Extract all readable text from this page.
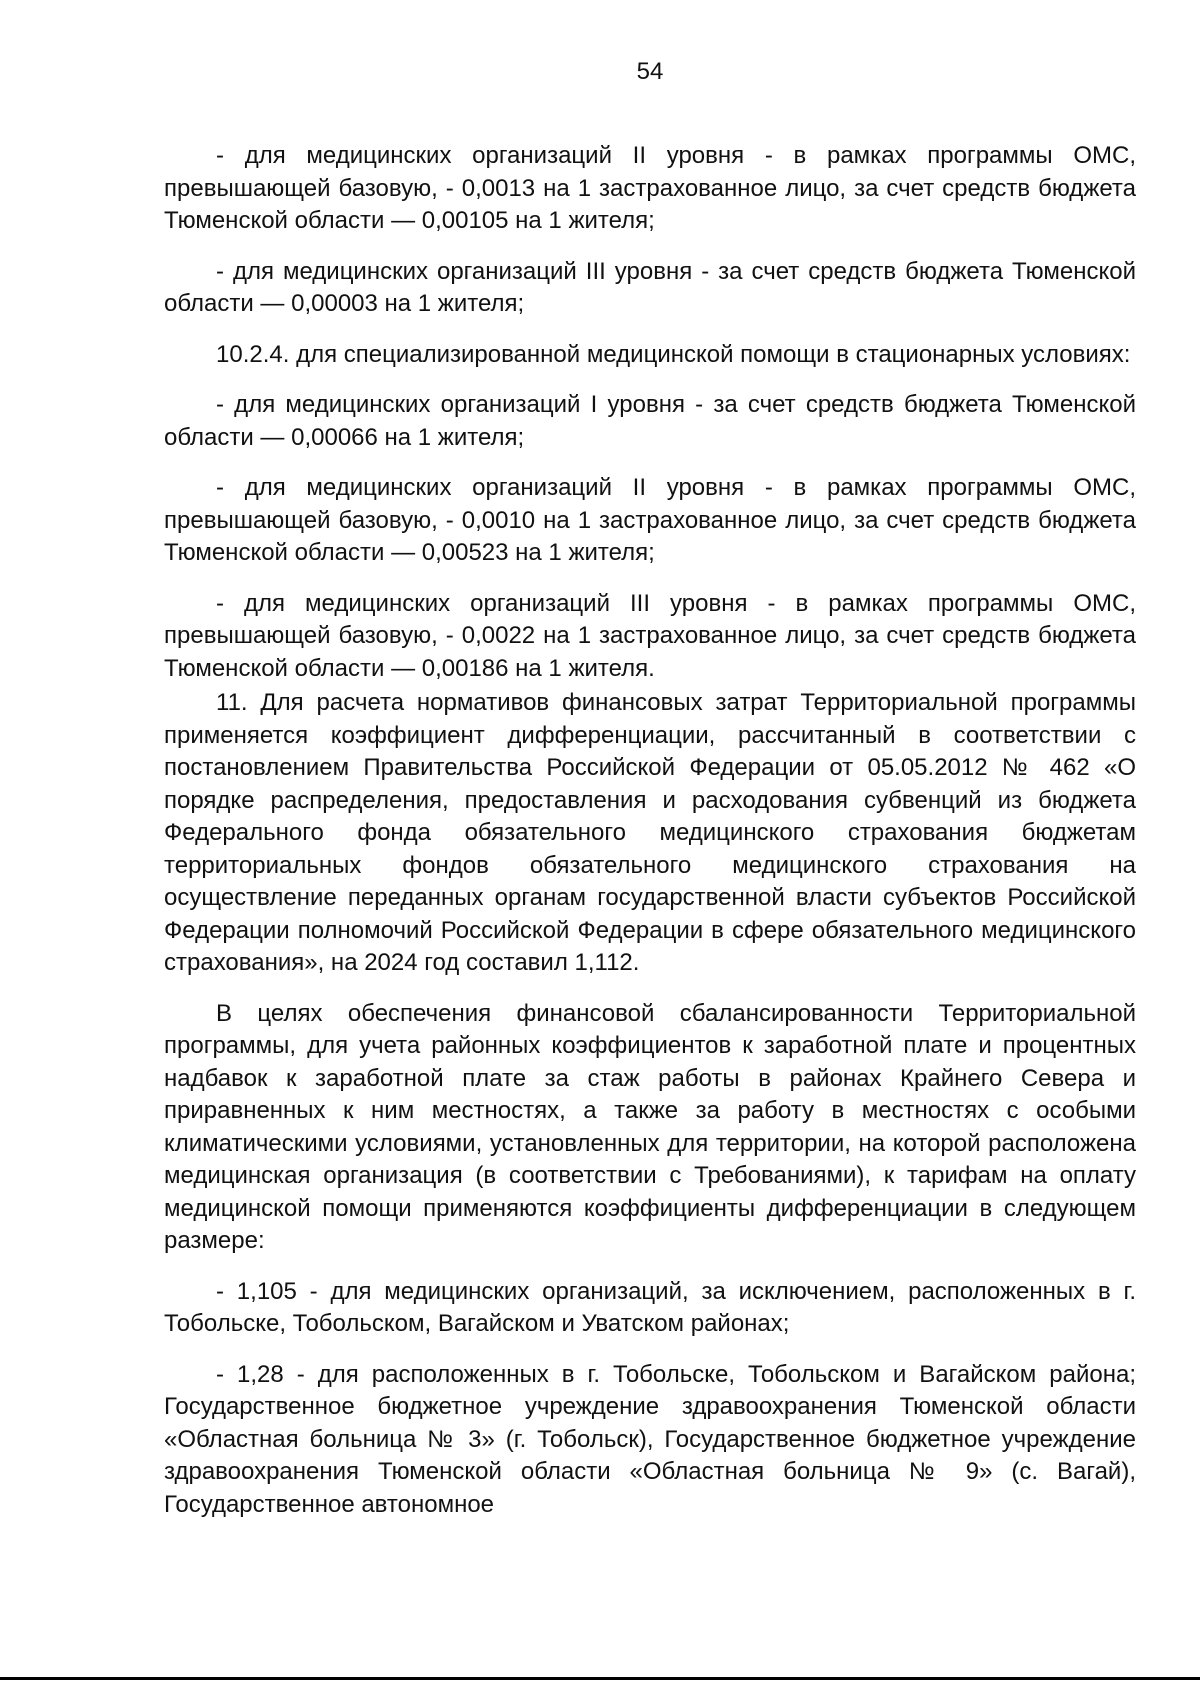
54

- для медицинских организаций II уровня - в рамках программы ОМС, превышающей базовую, - 0,0013 на 1 застрахованное лицо, за счет средств бюджета Тюменской области — 0,00105 на 1 жителя;

- для медицинских организаций III уровня - за счет средств бюджета Тюменской области — 0,00003 на 1 жителя;

10.2.4. для специализированной медицинской помощи в стационарных условиях:

- для медицинских организаций I уровня - за счет средств бюджета Тюменской области — 0,00066 на 1 жителя;

- для медицинских организаций II уровня - в рамках программы ОМС, превышающей базовую, - 0,0010 на 1 застрахованное лицо, за счет средств бюджета Тюменской области — 0,00523 на 1 жителя;

- для медицинских организаций III уровня - в рамках программы ОМС, превышающей базовую, - 0,0022 на 1 застрахованное лицо, за счет средств бюджета Тюменской области — 0,00186 на 1 жителя.

11. Для расчета нормативов финансовых затрат Территориальной программы применяется коэффициент дифференциации, рассчитанный в соответствии с постановлением Правительства Российской Федерации от 05.05.2012 № 462 «О порядке распределения, предоставления и расходования субвенций из бюджета Федерального фонда обязательного медицинского страхования бюджетам территориальных фондов обязательного медицинского страхования на осуществление переданных органам государственной власти субъектов Российской Федерации полномочий Российской Федерации в сфере обязательного медицинского страхования», на 2024 год составил 1,112.

В целях обеспечения финансовой сбалансированности Территориальной программы, для учета районных коэффициентов к заработной плате и процентных надбавок к заработной плате за стаж работы в районах Крайнего Севера и приравненных к ним местностях, а также за работу в местностях с особыми климатическими условиями, установленных для территории, на которой расположена медицинская организация (в соответствии с Требованиями), к тарифам на оплату медицинской помощи применяются коэффициенты дифференциации в следующем размере:

- 1,105 - для медицинских организаций, за исключением, расположенных в г. Тобольске, Тобольском, Вагайском и Уватском районах;

- 1,28 - для расположенных в г. Тобольске, Тобольском и Вагайском района; Государственное бюджетное учреждение здравоохранения Тюменской области «Областная больница № 3» (г. Тобольск), Государственное бюджетное учреждение здравоохранения Тюменской области «Областная больница № 9» (с. Вагай), Государственное автономное
